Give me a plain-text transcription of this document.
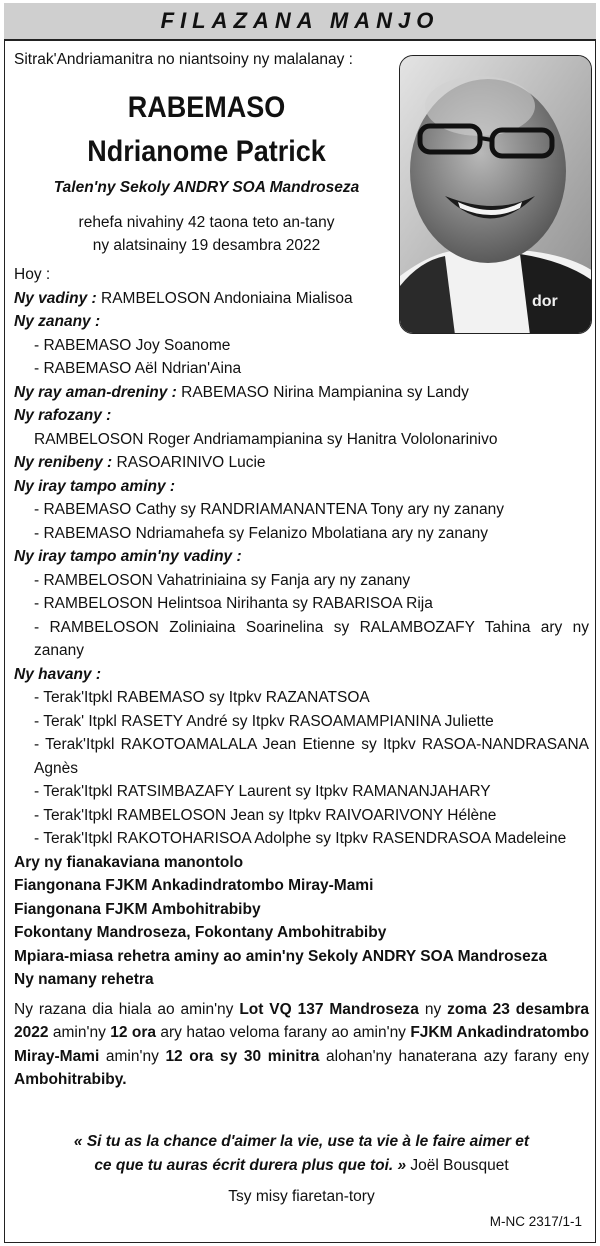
FILAZANA MANJO
dor
Sitrak'Andriamanitra no niantsoiny ny malalanay :
RABEMASO
Ndrianome Patrick
Talen'ny Sekoly ANDRY SOA Mandroseza
rehefa nivahiny 42 taona teto an-tany
ny alatsinainy 19 desambra 2022
Hoy :
Ny vadiny : RAMBELOSON Andoniaina Mialisoa
Ny zanany :
- RABEMASO Joy Soanome
- RABEMASO Aël Ndrian'Aina
Ny ray aman-dreniny : RABEMASO Nirina Mampianina sy Landy
Ny rafozany :
RAMBELOSON Roger Andriamampianina sy Hanitra Vololonarinivo
Ny renibeny : RASOARINIVO Lucie
Ny iray tampo aminy :
- RABEMASO Cathy sy RANDRIAMANANTENA Tony ary ny zanany
- RABEMASO Ndriamahefa sy Felanizo Mbolatiana ary ny zanany
Ny iray tampo amin'ny vadiny :
- RAMBELOSON Vahatriniaina sy Fanja ary ny zanany
- RAMBELOSON Helintsoa Nirihanta sy RABARISOA Rija
- RAMBELOSON Zoliniaina Soarinelina sy RALAMBOZAFY Tahina ary ny zanany
Ny havany :
- Terak'Itpkl RABEMASO sy Itpkv RAZANATSOA
- Terak' Itpkl RASETY André sy Itpkv RASOAMAMPIANINA Juliette
- Terak'Itpkl RAKOTOAMALALA Jean Etienne sy Itpkv RASOA-NANDRASANA Agnès
- Terak'Itpkl RATSIMBAZAFY Laurent sy Itpkv RAMANANJAHARY
- Terak'Itpkl RAMBELOSON Jean sy Itpkv RAIVOARIVONY Hélène
- Terak'Itpkl RAKOTOHARISOA Adolphe sy Itpkv RASENDRASOA Madeleine
Ary ny fianakaviana manontolo
Fiangonana FJKM Ankadindratombo Miray-Mami
Fiangonana FJKM Ambohitrabiby
Fokontany Mandroseza, Fokontany Ambohitrabiby
Mpiara-miasa rehetra aminy ao amin'ny Sekoly ANDRY SOA Mandroseza
Ny namany rehetra

Ny razana dia hiala ao amin'ny Lot VQ 137 Mandroseza ny zoma 23 desambra 2022 amin'ny 12 ora ary hatao veloma farany ao amin'ny FJKM Ankadindratombo Miray-Mami amin'ny 12 ora sy 30 minitra alohan'ny hanaterana azy farany eny Ambohitrabiby.

« Si tu as la chance d'aimer la vie, use ta vie à le faire aimer et
ce que tu auras écrit durera plus que toi. » Joël Bousquet
Tsy misy fiaretan-tory
M-NC 2317/1-1
